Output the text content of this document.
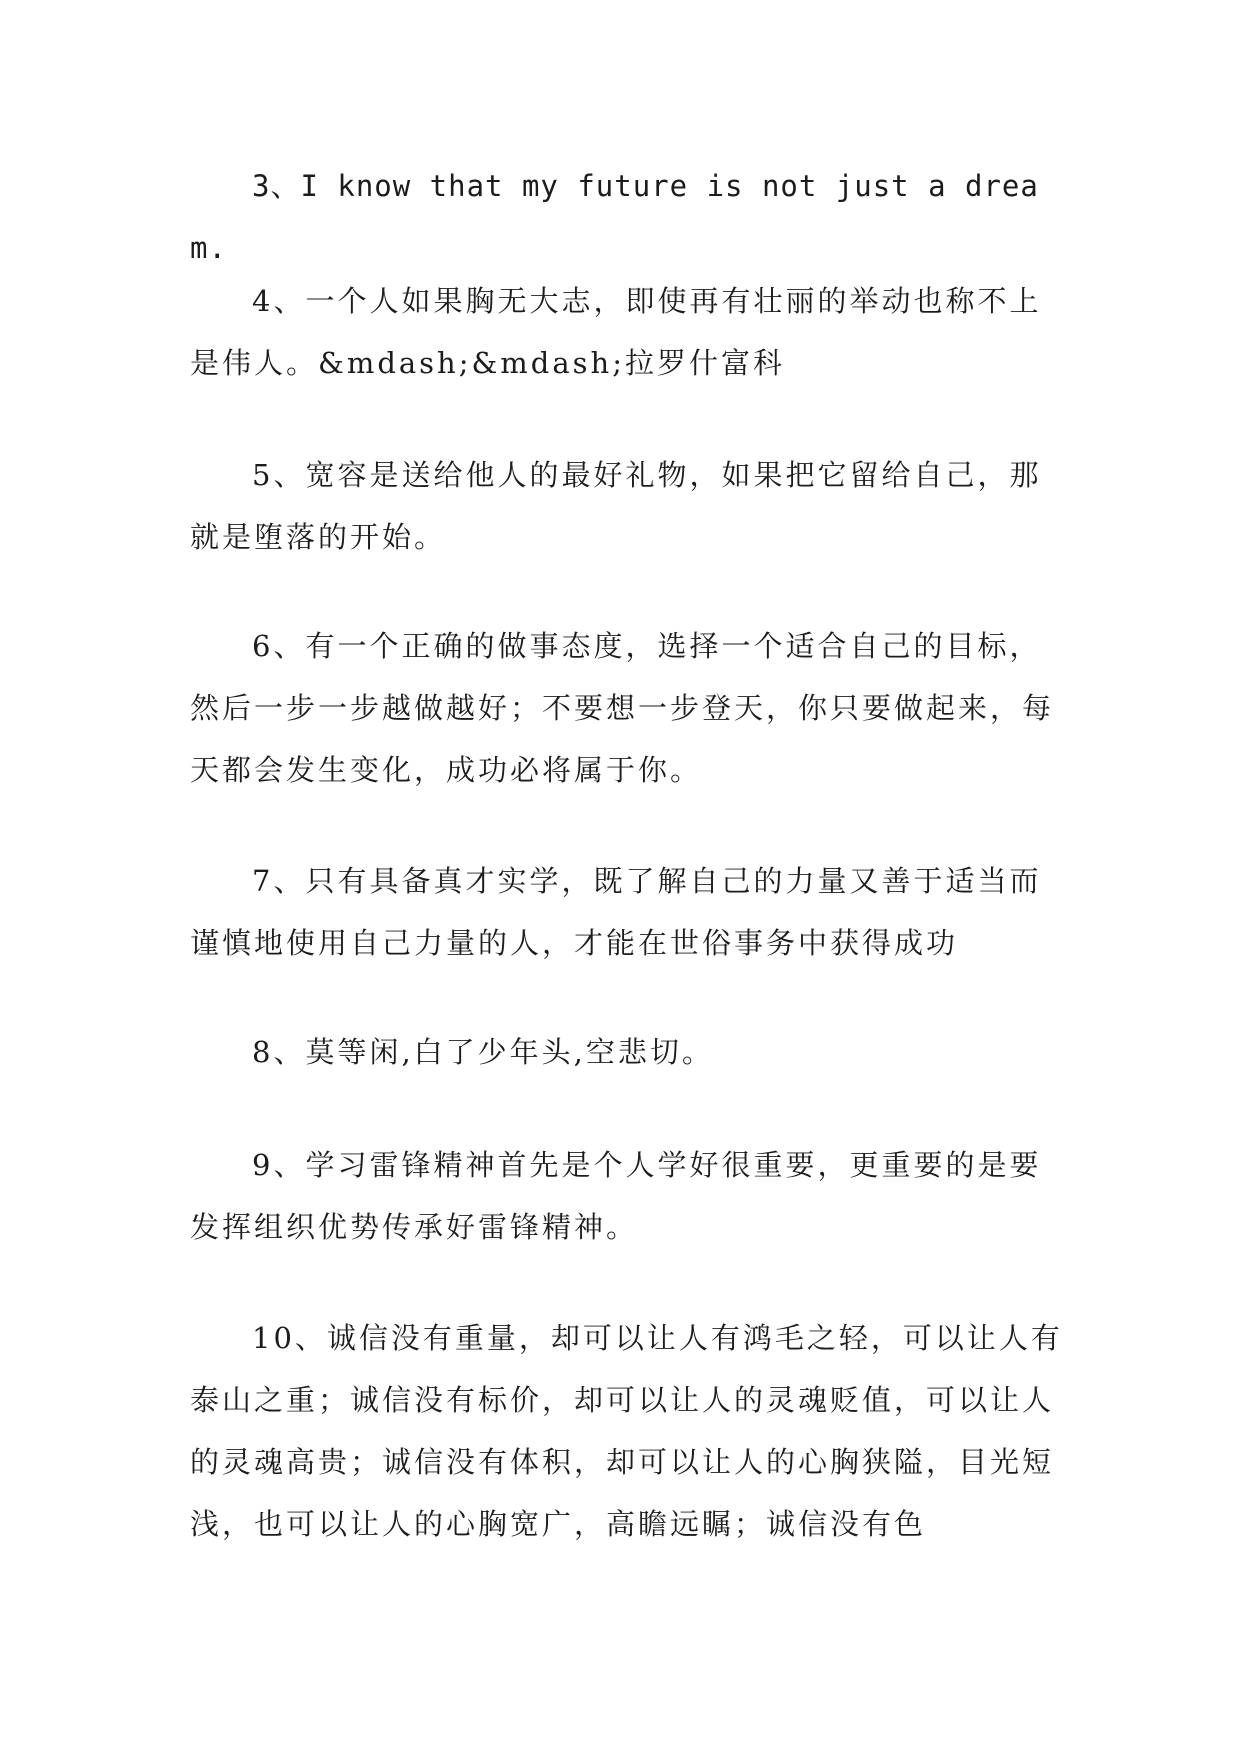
3、I know that my future is not just a dream.

4、一个人如果胸无大志，即使再有壮丽的举动也称不上是伟人。&mdash;&mdash;拉罗什富科

5、宽容是送给他人的最好礼物，如果把它留给自己，那就是堕落的开始。

6、有一个正确的做事态度，选择一个适合自己的目标，然后一步一步越做越好；不要想一步登天，你只要做起来，每天都会发生变化，成功必将属于你。

7、只有具备真才实学，既了解自己的力量又善于适当而谨慎地使用自己力量的人，才能在世俗事务中获得成功

8、莫等闲,白了少年头,空悲切。

9、学习雷锋精神首先是个人学好很重要，更重要的是要发挥组织优势传承好雷锋精神。

10、诚信没有重量，却可以让人有鸿毛之轻，可以让人有泰山之重；诚信没有标价，却可以让人的灵魂贬值，可以让人的灵魂高贵；诚信没有体积，却可以让人的心胸狭隘，目光短浅，也可以让人的心胸宽广，高瞻远瞩；诚信没有色
